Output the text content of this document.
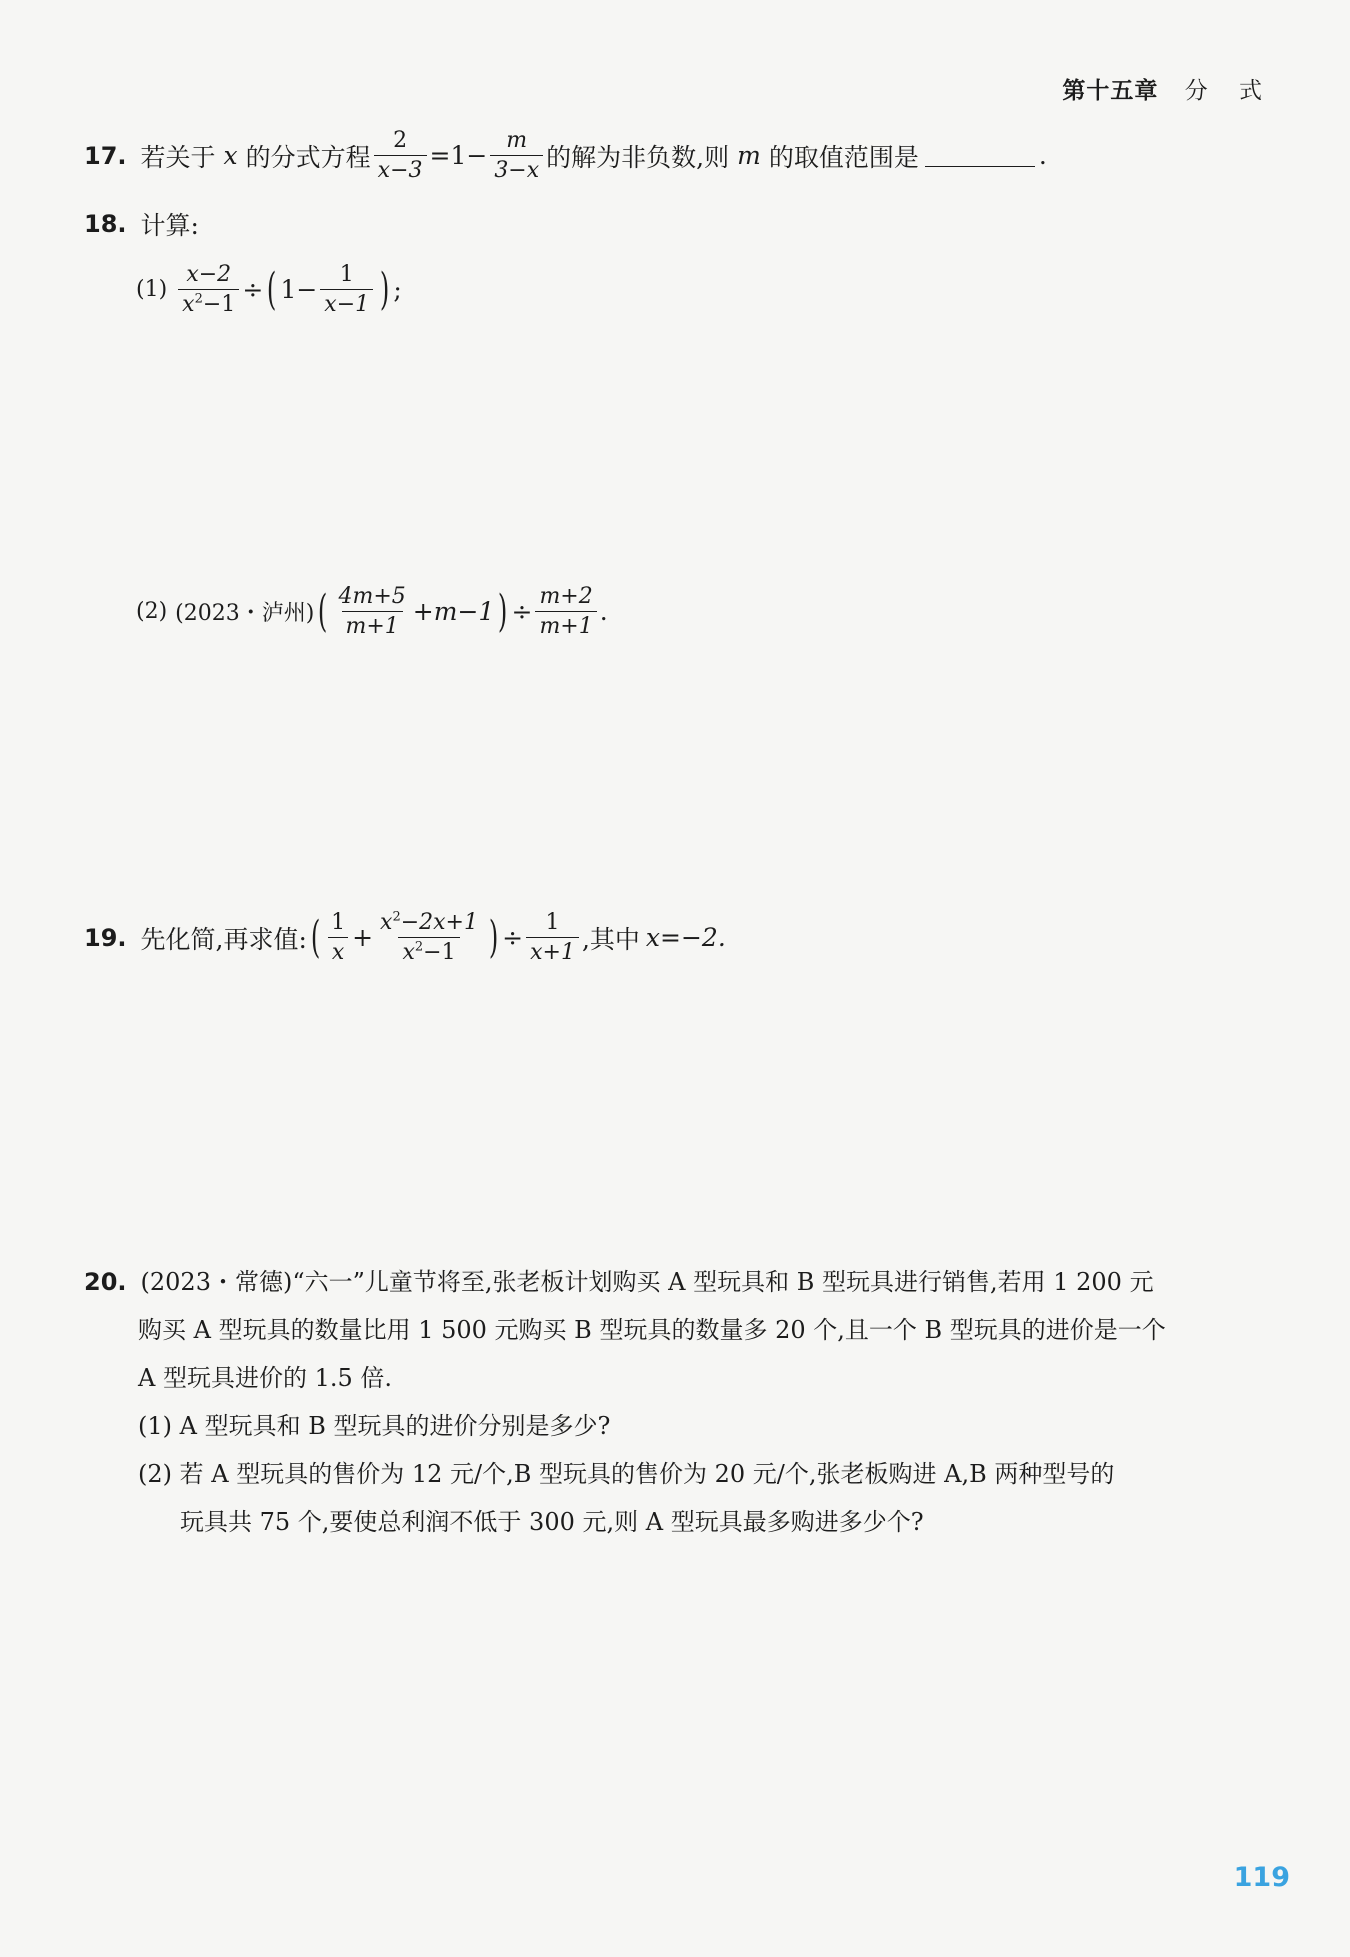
第十五章 分 式
17. 若关于 x 的分式方程 $\frac{2}{x-3} =1- \frac{m}{3-x}$ 的解为非负数,则 m 的取值范围是	.
18. 计算:
$(1) \frac{x-2}{x^2-1}$ ÷ ( $1- \frac{1}{x-1}$ ) ;
(2) (2023・泸州) ( $\frac{4m+5}{m+1} +m-1$ ) ÷ $\frac{m+2}{m+1}$ .
19. 先化简,再求值: ( $\frac{1}{x} + \frac{x^2-2x+1}{x^2-1}$ ) ÷ $\frac{1}{x+1}$ ,其中 x=−2.
20. (2023・常德)“六一”儿童节将至,张老板计划购买 A 型玩具和 B 型玩具进行销售,若用 1 200 元
购买 A 型玩具的数量比用 1 500 元购买 B 型玩具的数量多 20 个,且一个 B 型玩具的进价是一个
A 型玩具进价的 1.5 倍.
(1) A 型玩具和 B 型玩具的进价分别是多少?
(2) 若 A 型玩具的售价为 12 元/个,B 型玩具的售价为 20 元/个,张老板购进 A,B 两种型号的
玩具共 75 个,要使总利润不低于 300 元,则 A 型玩具最多购进多少个?
119
